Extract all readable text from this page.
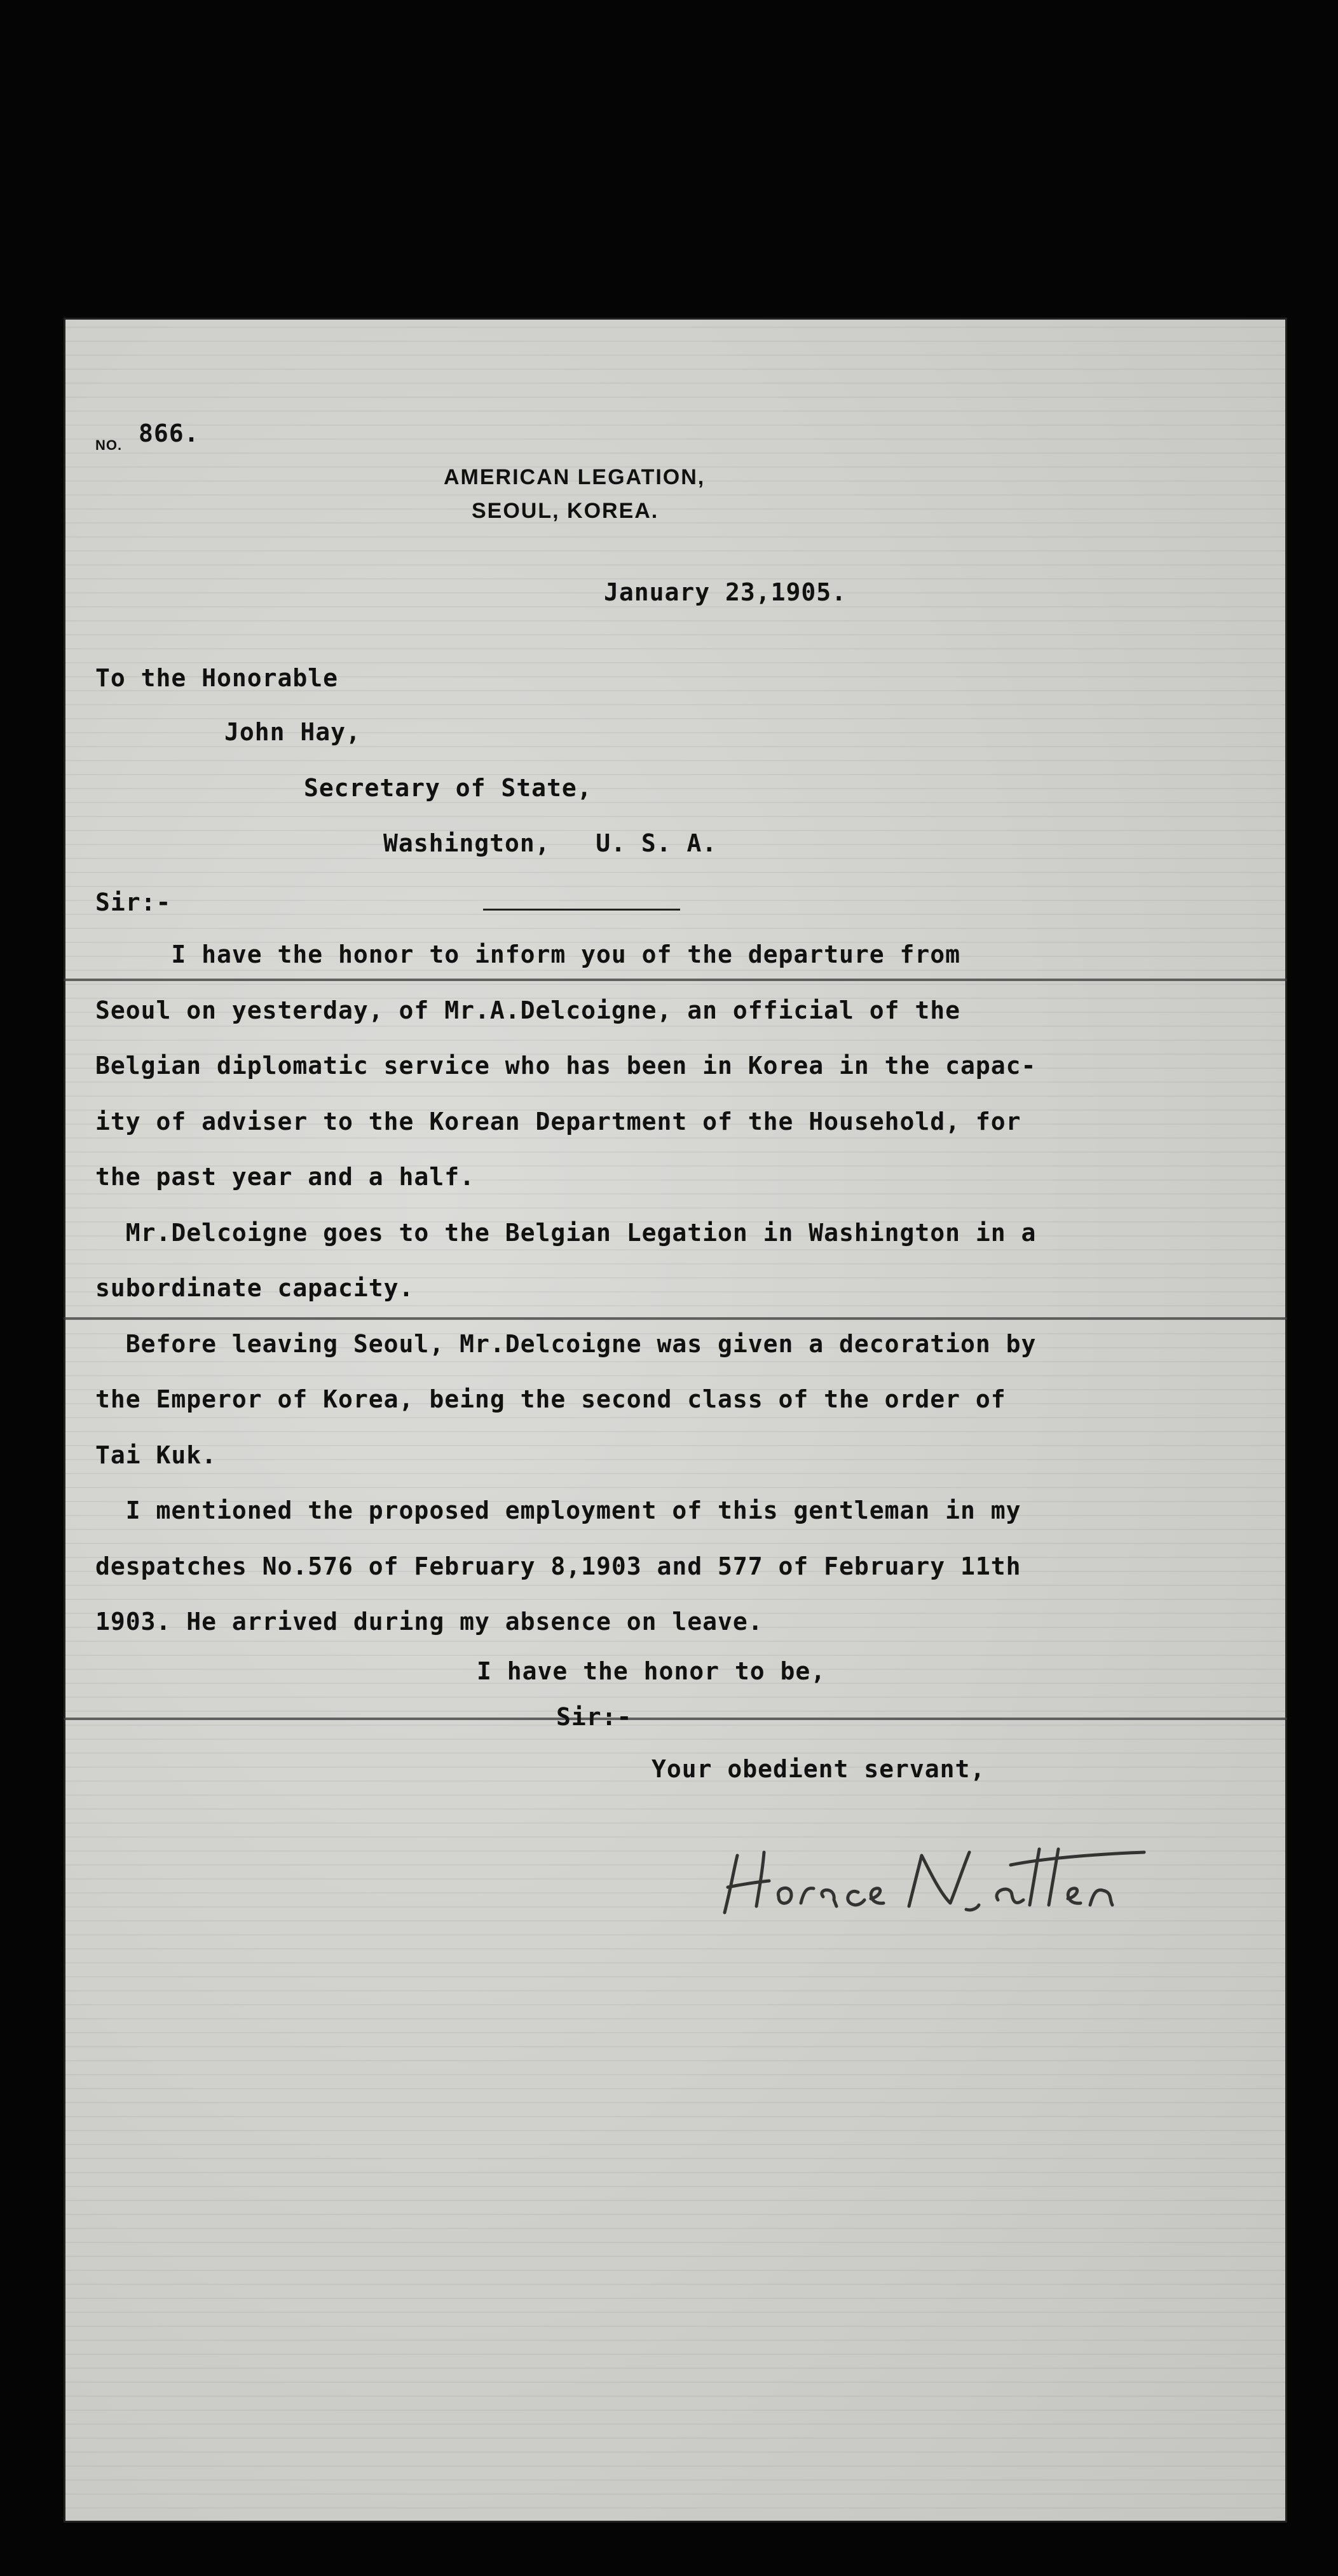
NO. 866.
AMERICAN LEGATION,
SEOUL, KOREA.
January 23,1905.
To the Honorable
John Hay,
Secretary of State,
Washington,   U. S. A.
Sir:-
I have the honor to inform you of the departure from
Seoul on yesterday, of Mr.A.Delcoigne, an official of the
Belgian diplomatic service who has been in Korea in the capac-
ity of adviser to the Korean Department of the Household, for
the past year and a half.
Mr.Delcoigne goes to the Belgian Legation in Washington in a
subordinate capacity.
Before leaving Seoul, Mr.Delcoigne was given a decoration by
the Emperor of Korea, being the second class of the order of
Tai Kuk.
I mentioned the proposed employment of this gentleman in my
despatches No.576 of February 8,1903 and 577 of February 11th
1903. He arrived during my absence on leave.
I have the honor to be,
Sir:-
Your obedient servant,
